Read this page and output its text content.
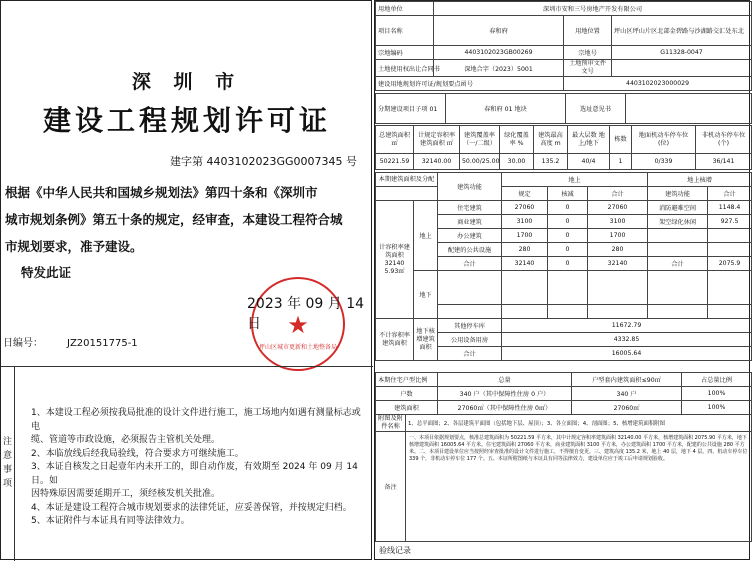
深 圳 市
建设工程规划许可证
建字第 4403102023GG0007345 号

根据《中华人民共和国城乡规划法》第四十条和《深圳市

城市规划条例》第五十条的规定，经审查，本建设工程符合城

市规划要求，准予建设。

特发此证
★
坪山区城市更新和土地整备局
2023 年 09 月 14 日
日编号： JZ20151775-1
注意事项
1、本建设工程必须按我局批准的设计文件进行施工，施工场地内如遇有测量标志或电
缆、管道等市政设施，必须报告主管机关处理。
2、本临放线后经我局验线，符合要求方可继续施工。
3、本证自核发之日起壹年内未开工的，即自动作废，有效期至 2024 年 09 月 14 日。如
因特殊原因需要延期开工，须经核发机关批准。
4、本证是建设工程符合城市规划要求的法律凭证，应妥善保管，并按规定归档。
5、本证附件与本证具有同等法律效力。
用地单位	深圳市安和三号房地产开发有限公司		
项目名称	春和府	用地位置	坪山区坪山片区北部金碧路与沙湖路交汇处东北
宗地编码	4403102023GB00269	宗地号	G11328-0047
土地使用权出让合同书	深地合字（2023）5001	土地预审文件文号	
建设用地规划许可证/规划要点函号		4403102023000029	
分期建设项目子项 01	春和府 01 地块	选址意见书	
总建筑面积 ㎡	计规定容积率建筑面积 ㎡	建筑覆盖率（一/二级）	绿化覆盖率 %	建筑最高高度 m	最大层数 地上/地下	栋数	地面机动车停车位 (位)	非机动车停车位 (个)
50221.59	32140.00	50.00/25.00	30.00	135.2	40/4	1	0/339	36/141
本期建筑面积及分配		建筑功能	地上			地上核增	
			规定	核减	合计	建筑功能	合计
计容积率建筑面积 32140 5.93㎡	地上	住宅建筑	27060	0	27060	消防避难空间	1148.4
		商业建筑	3100	0	3100	架空绿化休闲	927.5
		办公建筑	1700	0	1700		
		配建的公共设施	280	0	280		
		合计	32140	0	32140	合计	2075.9
	地下						

不计容积率建筑面积	地下核增建筑面积	其他停车库	11672.79				
		公用设备用房	4332.85				
		合计	16005.64				
本期住宅户型比例	总量	户型套内建筑面积≤90㎡	占总量比例
户数	340 户（其中保障性住房 0 户）	340 户	100%
建筑面积	27060㎡（其中保障性住房 0㎡）	27060㎡	100%
附图及附件名称	1、总平面图；2、各层建筑平面图（包括地下层、屋顶）；3、各立面图；4、剖面图；5、核增建筑面积附图
备注	一、本项目依据规划要点，核准总建筑面积为 50221.59 平方米，其中计规定容积率建筑面积 32140.00 平方米，核增建筑面积 2075.90 平方米，地下核增建筑面积 16005.64 平方米。住宅建筑面积 27060 平方米，商业建筑面积 3100 平方米，办公建筑面积 1700 平方米，配建的公共设施 280 平方米。二、本项目建设单位应当按照经审查批准的设计文件进行施工，不得擅自变更。三、建筑高度 135.2 米，地上 40 层，地下 4 层。四、机动车停车位 339 个，非机动车停车位 177 个。五、本证所附图纸与本证具有同等法律效力，建设单位应于竣工后申请规划验收。
验线记录
